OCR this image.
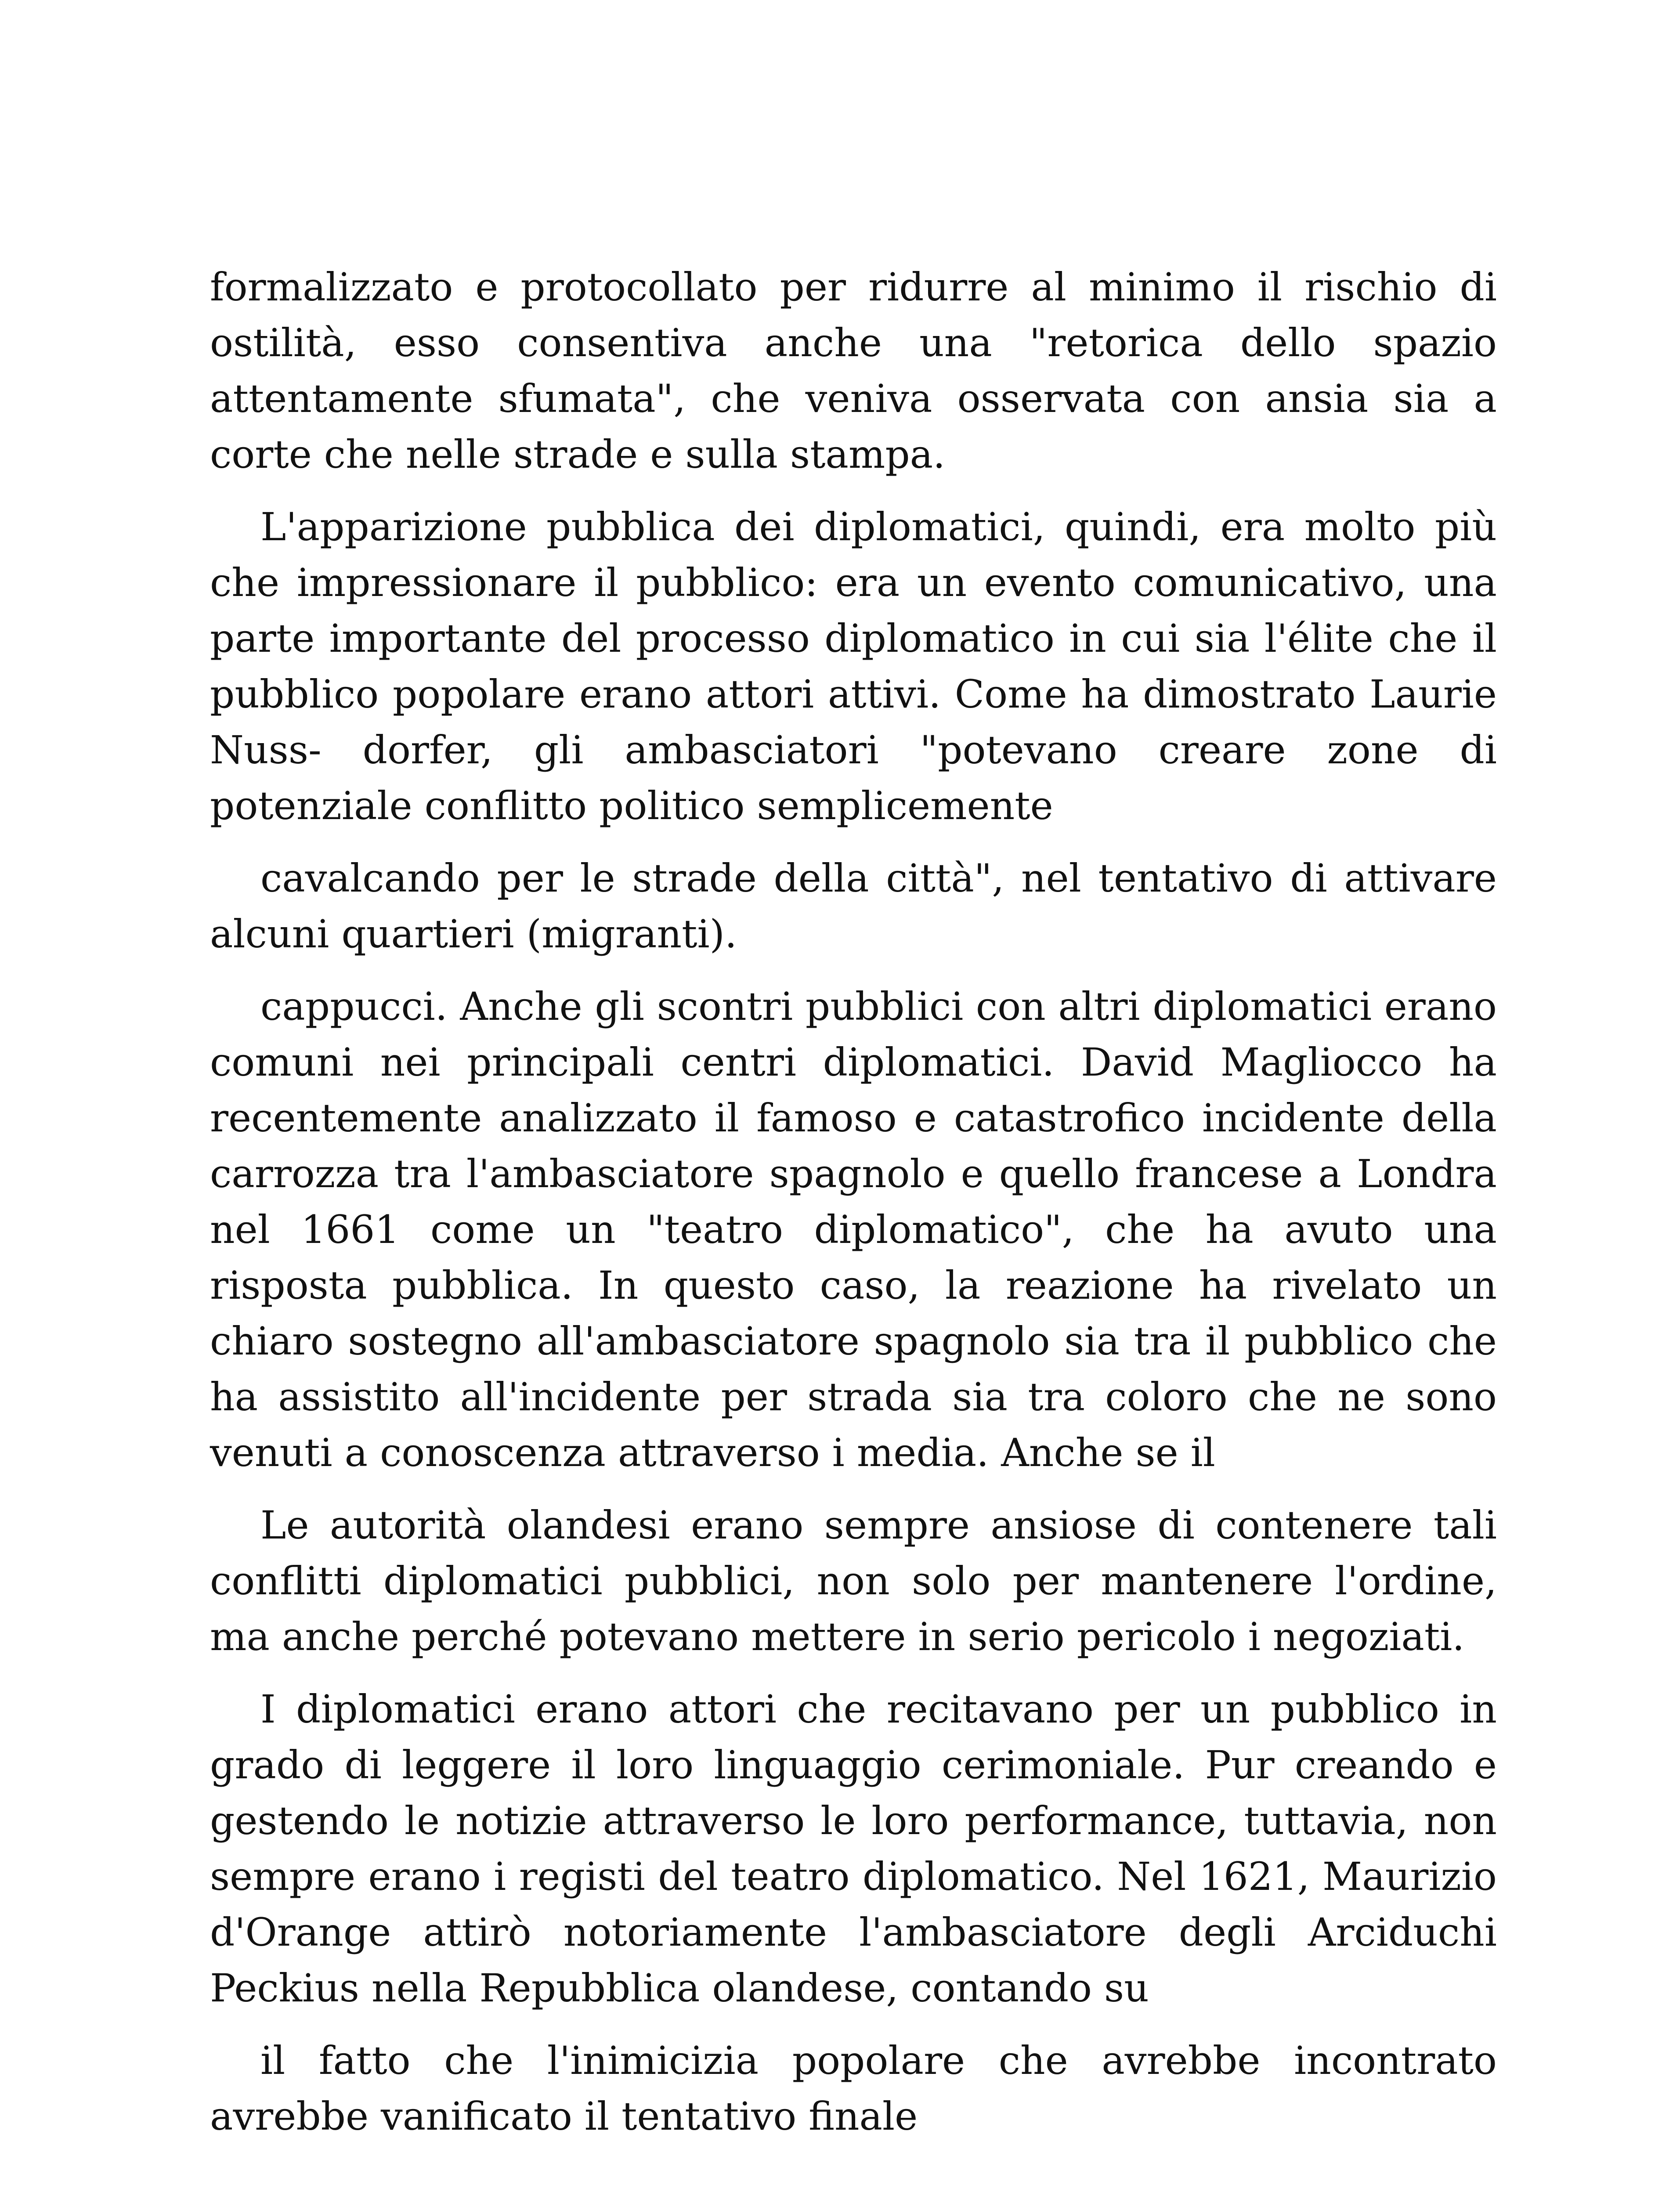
formalizzato e protocollato per ridurre al minimo il rischio di ostilità, esso consentiva anche una "retorica dello spazio attentamente sfumata", che veniva osservata con ansia sia a corte che nelle strade e sulla stampa.

L'apparizione pubblica dei diplomatici, quindi, era molto più che impressionare il pubblico: era un evento comunicativo, una parte importante del processo diplomatico in cui sia l'élite che il pubblico popolare erano attori attivi. Come ha dimostrato Laurie Nuss- dorfer, gli ambasciatori "potevano creare zone di potenziale conflitto politico semplicemente

cavalcando per le strade della città", nel tentativo di attivare alcuni quartieri (migranti).

cappucci. Anche gli scontri pubblici con altri diplomatici erano comuni nei principali centri diplomatici. David Magliocco ha recentemente analizzato il famoso e catastrofico incidente della carrozza tra l'ambasciatore spagnolo e quello francese a Londra nel 1661 come un "teatro diplomatico", che ha avuto una risposta pubblica. In questo caso, la reazione ha rivelato un chiaro sostegno all'ambasciatore spagnolo sia tra il pubblico che ha assistito all'incidente per strada sia tra coloro che ne sono venuti a conoscenza attraverso i media. Anche se il

Le autorità olandesi erano sempre ansiose di contenere tali conflitti diplomatici pubblici, non solo per mantenere l'ordine, ma anche perché potevano mettere in serio pericolo i negoziati.

I diplomatici erano attori che recitavano per un pubblico in grado di leggere il loro linguaggio cerimoniale. Pur creando e gestendo le notizie attraverso le loro performance, tuttavia, non sempre erano i registi del teatro diplomatico. Nel 1621, Maurizio d'Orange attirò notoriamente l'ambasciatore degli Arciduchi Peckius nella Repubblica olandese, contando su

il fatto che l'inimicizia popolare che avrebbe incontrato avrebbe vanificato il tentativo finale
